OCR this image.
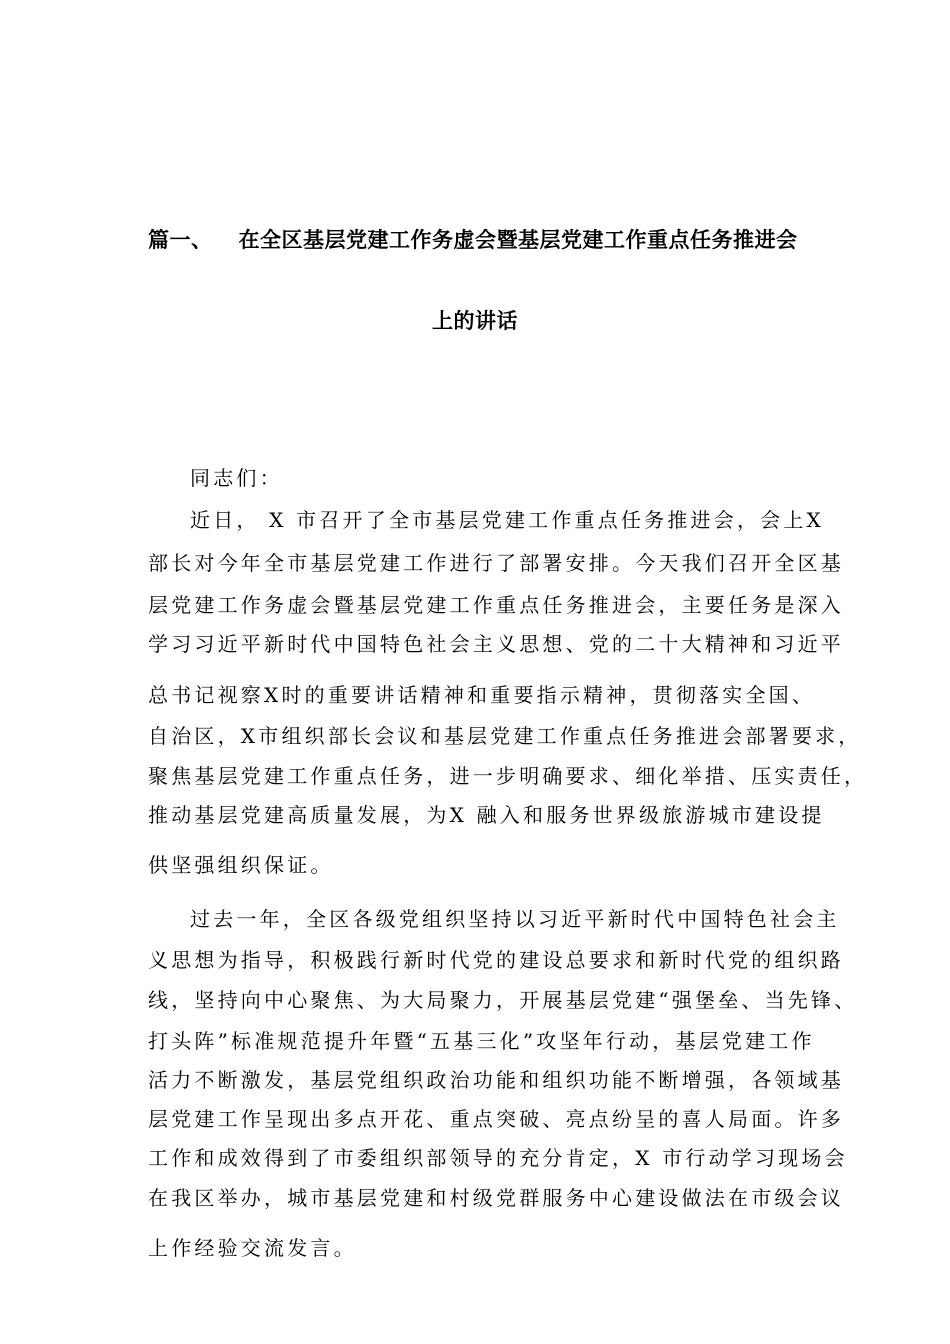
篇一、 在全区基层党建工作务虚会暨基层党建工作重点任务推进会
上的讲话
同志们：
近日， X 市召开了全市基层党建工作重点任务推进会，会上X
部长对今年全市基层党建工作进行了部署安排。今天我们召开全区基
层党建工作务虚会暨基层党建工作重点任务推进会，主要任务是深入
学习习近平新时代中国特色社会主义思想、党的二十大精神和习近平
总书记视察X时的重要讲话精神和重要指示精神，贯彻落实全国、
自治区，X市组织部长会议和基层党建工作重点任务推进会部署要求，
聚焦基层党建工作重点任务，进一步明确要求、细化举措、压实责任，
推动基层党建高质量发展，为X 融入和服务世界级旅游城市建设提
供坚强组织保证。
过去一年，全区各级党组织坚持以习近平新时代中国特色社会主
义思想为指导，积极践行新时代党的建设总要求和新时代党的组织路
线，坚持向中心聚焦、为大局聚力，开展基层党建“强堡垒、当先锋、
打头阵”标准规范提升年暨“五基三化”攻坚年行动，基层党建工作
活力不断激发，基层党组织政治功能和组织功能不断增强，各领域基
层党建工作呈现出多点开花、重点突破、亮点纷呈的喜人局面。许多
工作和成效得到了市委组织部领导的充分肯定，X 市行动学习现场会
在我区举办，城市基层党建和村级党群服务中心建设做法在市级会议
上作经验交流发言。
